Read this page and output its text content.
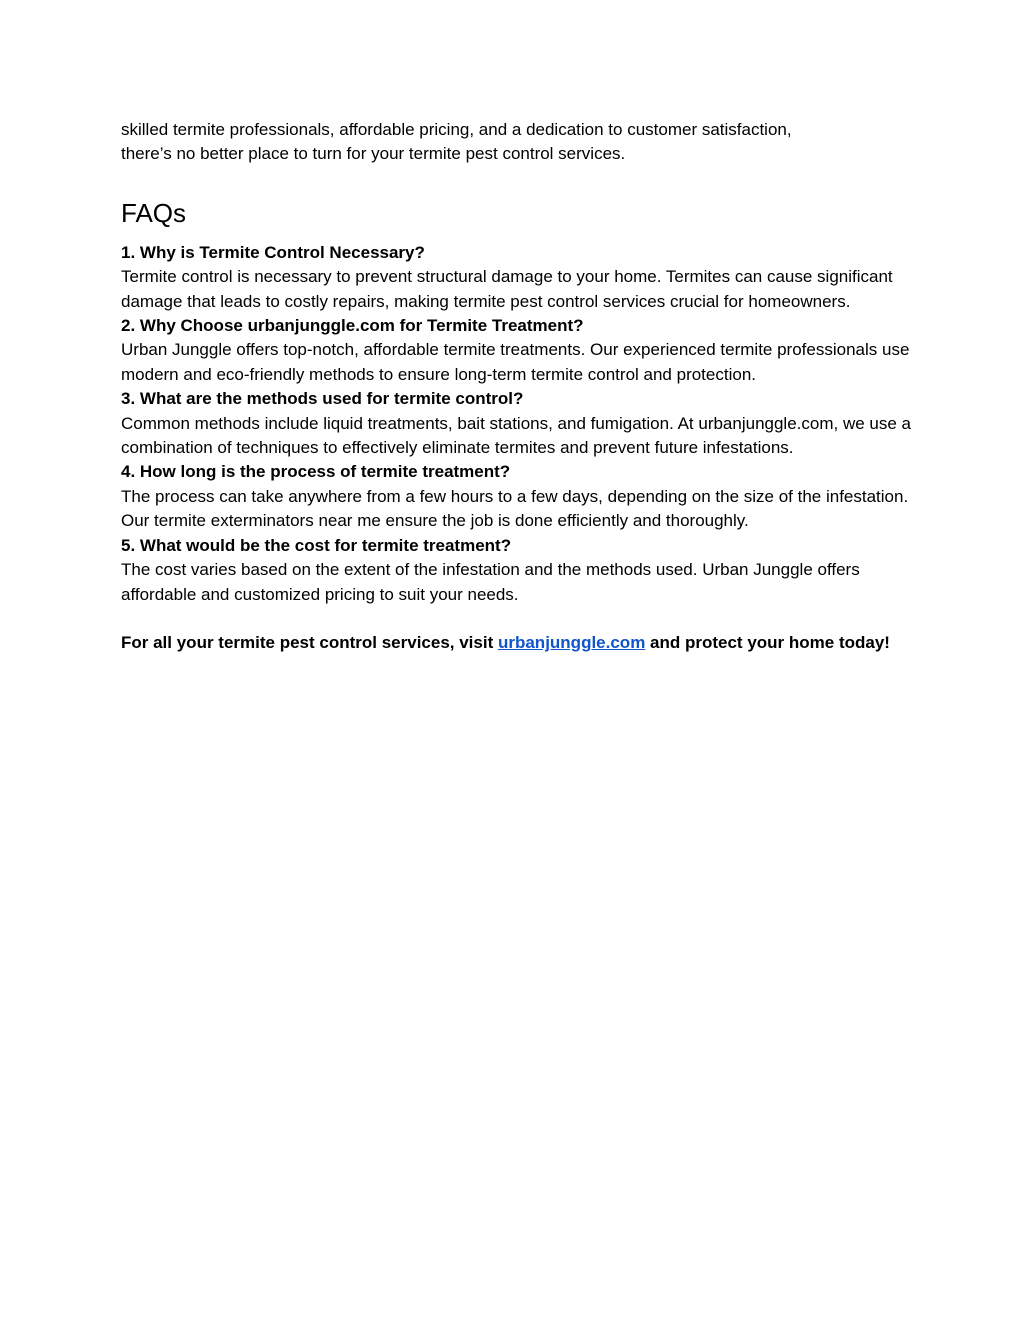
skilled termite professionals, affordable pricing, and a dedication to customer satisfaction,
there’s no better place to turn for your termite pest control services.

FAQs

1. Why is Termite Control Necessary?

Termite control is necessary to prevent structural damage to your home. Termites can cause significant damage that leads to costly repairs, making termite pest control services crucial for homeowners.

2. Why Choose urbanjunggle.com for Termite Treatment?

Urban Junggle offers top-notch, affordable termite treatments. Our experienced termite professionals use modern and eco-friendly methods to ensure long-term termite control and protection.

3. What are the methods used for termite control?

Common methods include liquid treatments, bait stations, and fumigation. At urbanjunggle.com, we use a combination of techniques to effectively eliminate termites and prevent future infestations.

4. How long is the process of termite treatment?

The process can take anywhere from a few hours to a few days, depending on the size of the infestation. Our termite exterminators near me ensure the job is done efficiently and thoroughly.

5. What would be the cost for termite treatment?

The cost varies based on the extent of the infestation and the methods used. Urban Junggle offers affordable and customized pricing to suit your needs.

For all your termite pest control services, visit urbanjunggle.com and protect your home today!
